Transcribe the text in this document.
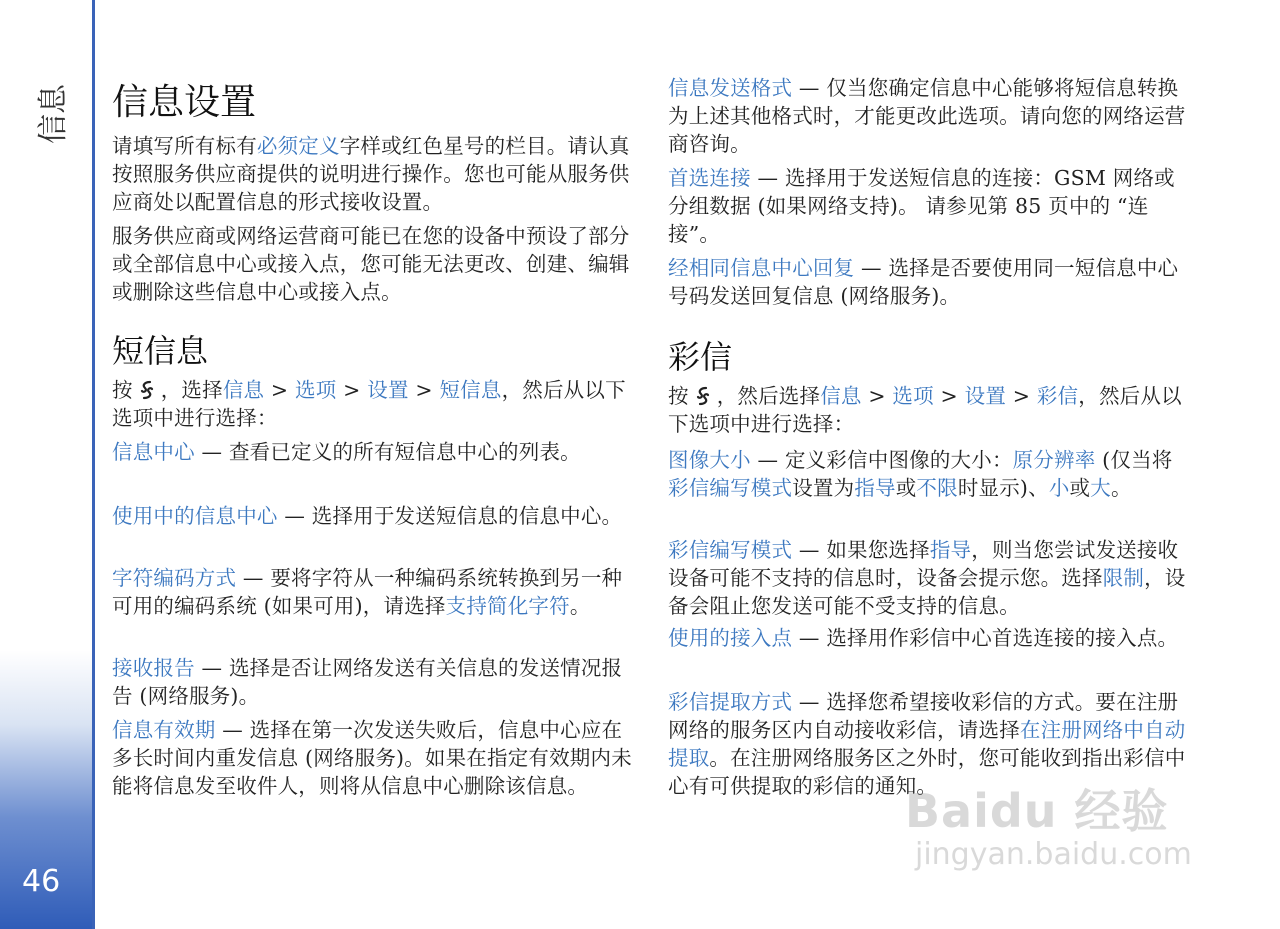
信息
46
信息设置

请填写所有标有必须定义字样或红色星号的栏目。请认真按照服务供应商提供的说明进行操作。您也可能从服务供应商处以配置信息的形式接收设置。

服务供应商或网络运营商可能已在您的设备中预设了部分或全部信息中心或接入点，您可能无法更改、创建、编辑或删除这些信息中心或接入点。

短信息

按 ，选择信息 > 选项 > 设置 > 短信息，然后从以下选项中进行选择：

信息中心 — 查看已定义的所有短信息中心的列表。

使用中的信息中心 — 选择用于发送短信息的信息中心。

字符编码方式 — 要将字符从一种编码系统转换到另一种可用的编码系统 (如果可用)，请选择支持简化字符。

接收报告 — 选择是否让网络发送有关信息的发送情况报告 (网络服务)。

信息有效期 — 选择在第一次发送失败后，信息中心应在多长时间内重发信息 (网络服务)。如果在指定有效期内未能将信息发至收件人，则将从信息中心删除该信息。

信息发送格式 — 仅当您确定信息中心能够将短信息转换为上述其他格式时，才能更改此选项。请向您的网络运营商咨询。

首选连接 — 选择用于发送短信息的连接：GSM 网络或分组数据 (如果网络支持)。 请参见第 85 页中的 “连接”。

经相同信息中心回复 — 选择是否要使用同一短信息中心号码发送回复信息 (网络服务)。

彩信

按 ，然后选择信息 > 选项 > 设置 > 彩信，然后从以下选项中进行选择：

图像大小 — 定义彩信中图像的大小：原分辨率 (仅当将彩信编写模式设置为指导或不限时显示)、小或大。

彩信编写模式 — 如果您选择指导，则当您尝试发送接收设备可能不支持的信息时，设备会提示您。选择限制，设备会阻止您发送可能不受支持的信息。

使用的接入点 — 选择用作彩信中心首选连接的接入点。

彩信提取方式 — 选择您希望接收彩信的方式。要在注册网络的服务区内自动接收彩信，请选择在注册网络中自动提取。在注册网络服务区之外时，您可能收到指出彩信中心有可供提取的彩信的通知。

Baidu 经验
jingyan.baidu.com
